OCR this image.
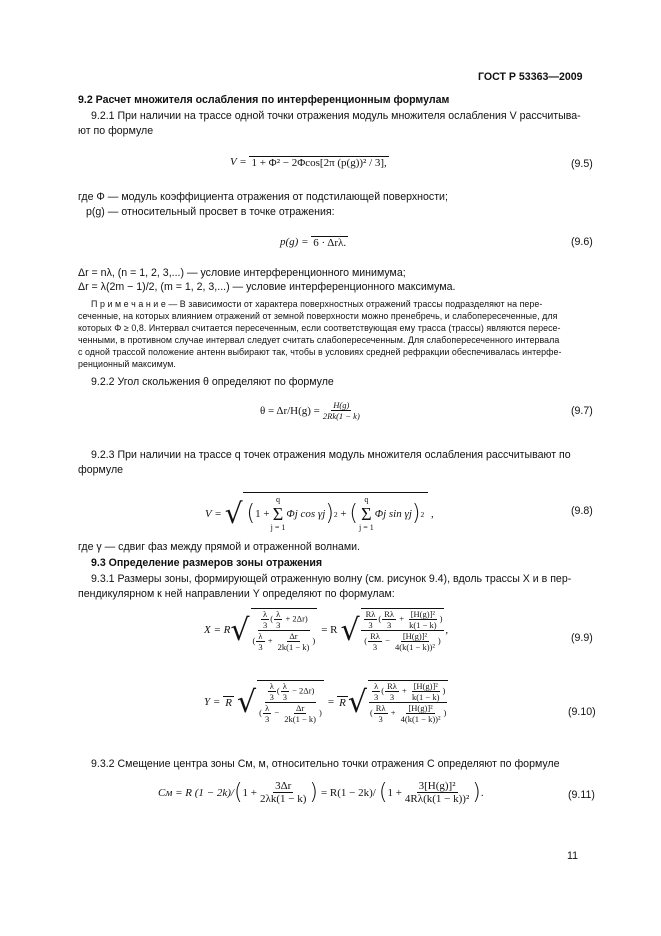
ГОСТ Р 53363—2009
9.2 Расчет множителя ослабления по интерференционным формулам
9.2.1 При наличии на трассе одной точки отражения модуль множителя ослабления V рассчитыва-
ют по формуле
V = 1 + Φ² − 2Φcos[2π (p(g))² / 3],	(9.5)
где Φ — модуль коэффициента отражения от подстилающей поверхности;
p(g) — относительный просвет в точке отражения:
p(g) = 6 · Δrλ.	(9.6)
Δr = nλ, (n = 1, 2, 3,...) — условие интерференционного минимума;
Δr = λ(2m − 1)/2, (m = 1, 2, 3,...) — условие интерференционного максимума.
П р и м е ч а н и е — В зависимости от характера поверхностных отражений трассы подразделяют на пере-
сеченные, на которых влиянием отражений от земной поверхности можно пренебречь, и слабопересеченные, для
которых Φ ≥ 0,8. Интервал считается пересеченным, если соответствующая ему трасса (трассы) являются пересе-
ченными, в противном случае интервал следует считать слабопересеченным. Для слабопересеченного интервала
с одной трассой положение антенн выбирают так, чтобы в условиях средней рефракции обеспечивалась интерфе-
ренционный максимум.
9.2.2 Угол скольжения θ определяют по формуле
$\theta = \Delta r/H(g) = \frac{H(g)}{2Rk(1 - k)}$	(9.7)
9.2.3 При наличии на трассе q точек отражения модуль множителя ослабления рассчитывают по
формуле
V = √ ( 1 +
q
Σ
j = 1
Φj cos γj ) 2 + (
q
Σ
j = 1
Φj sin γj ) 2 ,	(9.8)
где γ — сдвиг фаз между прямой и отраженной волнами.
9.3 Определение размеров зоны отражения
9.3.1 Размеры зоны, формирующей отраженную волну (см. рисунок 9.4), вдоль трассы X и в пер-
пендикулярном к ней направлении Y определяют по формулам:
X = R √ $\frac{\frac{\lambda}{3} ( \frac{\lambda}{3} + 2\Delta r)}{( \frac{\lambda}{3} + \frac{\Delta r}{2k(1 - k)} )} = R$ √ $\frac{\frac{R\lambda}{3} ( \frac{R\lambda}{3} + \frac{\text{[H(g)]²}}{k(1 - k)} )}{( \frac{R\lambda}{3} - \frac{\text{[H(g)]²}}{\text{4(k(1 − k))²}} )}$ ,
(9.9)
Y = R √ $\frac{\frac{\lambda}{3} ( \frac{\lambda}{3} - 2\Delta r)}{( \frac{\lambda}{3} - \frac{\Delta r}{2k(1 - k)} )} = R$ √ $\frac{\frac{\lambda}{3} ( \frac{R\lambda}{3} + \frac{\text{[H(g)]²}}{k(1 - k)} )}{( \frac{R\lambda}{3} + \frac{\text{[H(g)]²}}{\text{4(k(1 − k))²}} )}$	(9.10)
9.3.2 Смещение центра зоны Cм, м, относительно точки отражения C определяют по формуле
Cм = R (1 − 2k)/ ( $1 + \frac{3\Delta r}{2\lambda k(1 - k)}$ ) = R(1 − 2k)/ ( $1 + \frac{\text{3[H(g)]²}}{\text{4Rλ(k(1 − k))²}}$ ) .	(9.11)
11
